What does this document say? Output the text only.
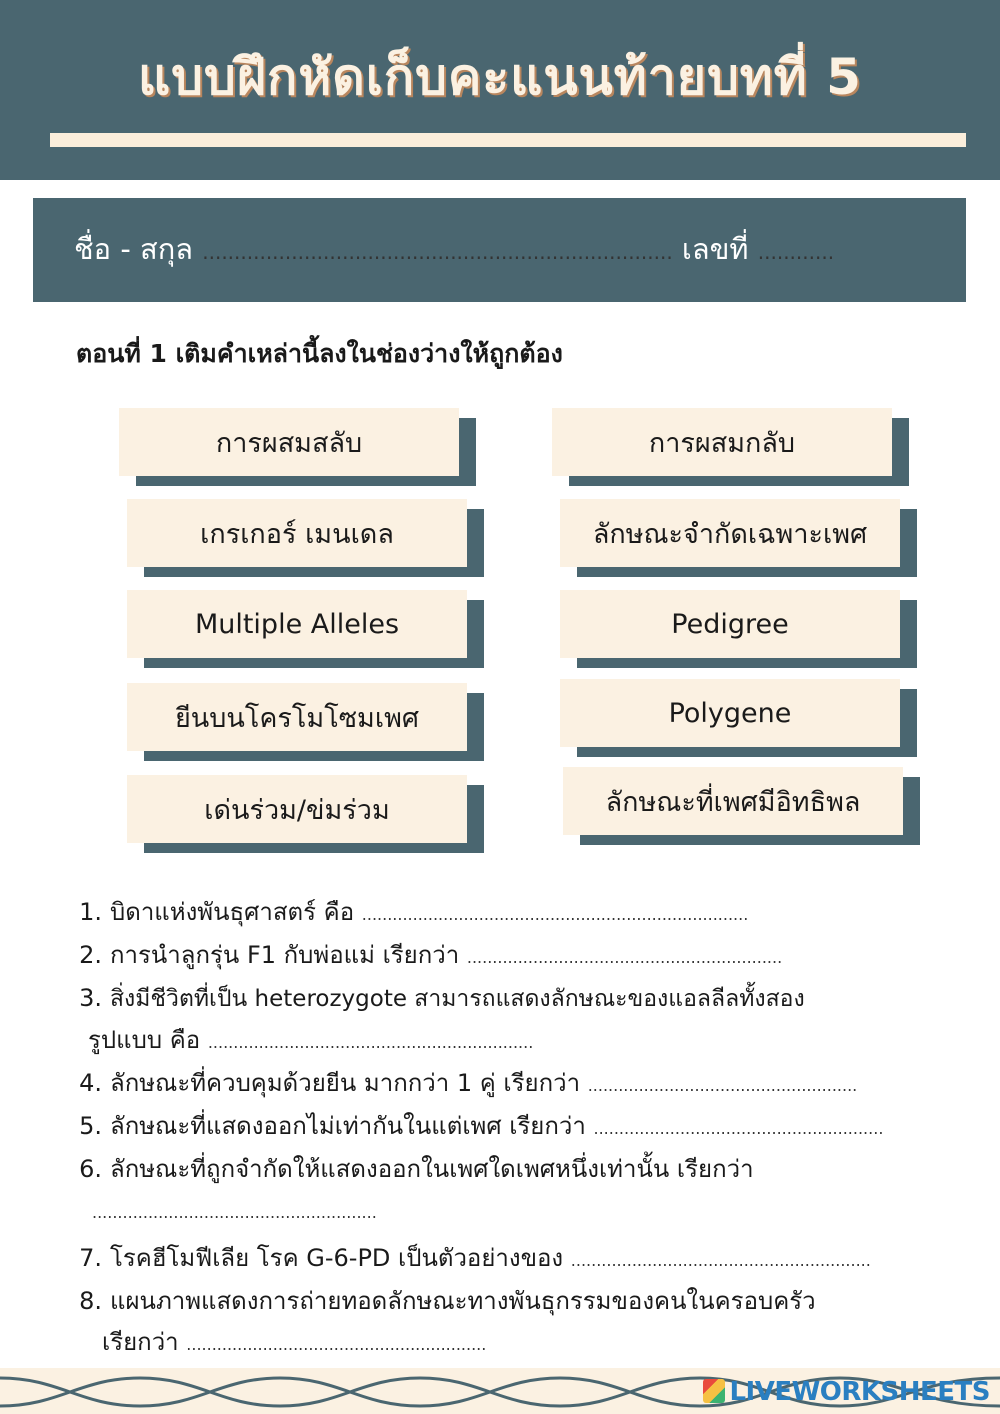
แบบฝึกหัดเก็บคะแนนท้ายบทที่ 5
ชื่อ - สกุล .......................................................................... เลขที่ ............
ตอนที่ 1 เติมคำเหล่านี้ลงในช่องว่างให้ถูกต้อง
การผสมสลับ	การผสมกลับ
เกรเกอร์ เมนเดล	ลักษณะจำกัดเฉพาะเพศ
Multiple Alleles	Pedigree
ยีนบนโครโมโซมเพศ	Polygene
เด่นร่วม/ข่มร่วม	ลักษณะที่เพศมีอิทธิพล
1. บิดาแห่งพันธุศาสตร์ คือ ............................................................................
2. การนำลูกรุ่น F1 กับพ่อแม่ เรียกว่า ..............................................................
3. สิ่งมีชีวิตที่เป็น heterozygote สามารถแสดงลักษณะของแอลลีลทั้งสอง
รูปแบบ คือ ................................................................
4. ลักษณะที่ควบคุมด้วยยีน มากกว่า 1 คู่ เรียกว่า .....................................................
5. ลักษณะที่แสดงออกไม่เท่ากันในแต่เพศ เรียกว่า .........................................................
6. ลักษณะที่ถูกจำกัดให้แสดงออกในเพศใดเพศหนึ่งเท่านั้น เรียกว่า
........................................................
7. โรคฮีโมฟีเลีย โรค G-6-PD เป็นตัวอย่างของ ...........................................................
8. แผนภาพแสดงการถ่ายทอดลักษณะทางพันธุกรรมของคนในครอบครัว
เรียกว่า ...........................................................
LIVEWORKSHEETS
